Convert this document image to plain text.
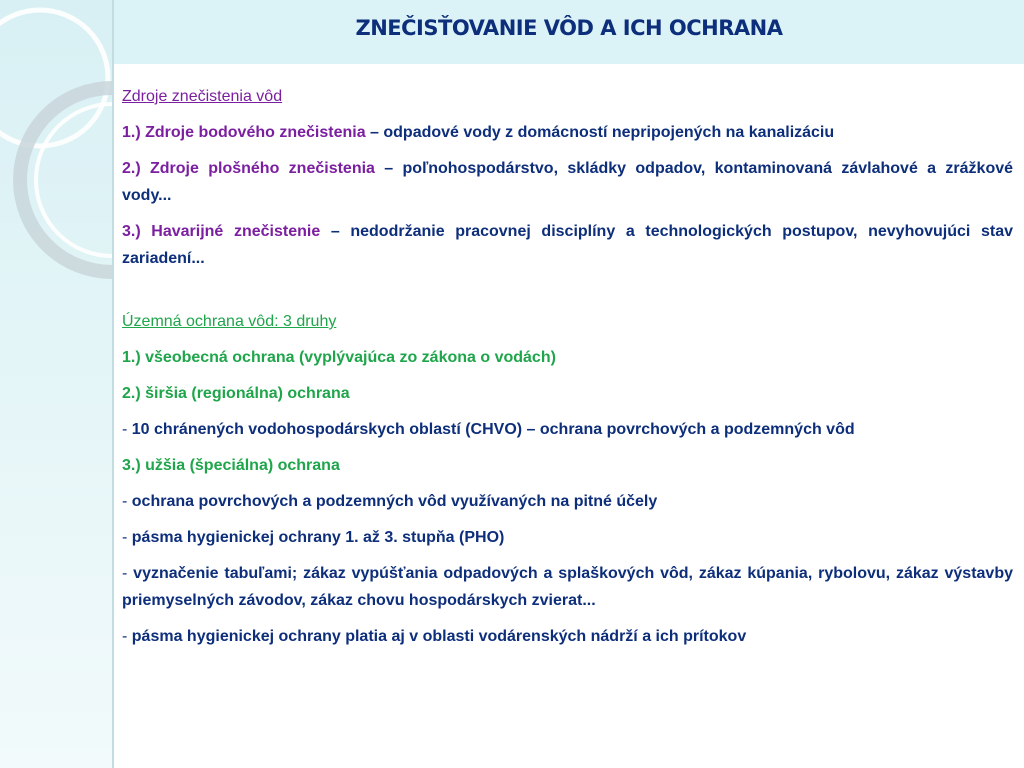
ZNEČISŤOVANIE VÔD A ICH OCHRANA

Zdroje znečistenia vôd

1.) Zdroje bodového znečistenia – odpadové vody z domácností nepripojených na kanalizáciu

2.) Zdroje plošného znečistenia – poľnohospodárstvo, skládky odpadov, kontaminovaná závlahové a zrážkové vody...

3.) Havarijné znečistenie – nedodržanie pracovnej disciplíny a technologických postupov, nevyhovujúci stav zariadení...

Územná ochrana vôd: 3 druhy

1.) všeobecná ochrana (vyplývajúca zo zákona o vodách)

2.) širšia (regionálna) ochrana

- 10 chránených vodohospodárskych oblastí (CHVO) – ochrana povrchových a podzemných vôd

3.) užšia (špeciálna) ochrana

- ochrana povrchových a podzemných vôd využívaných na pitné účely

- pásma hygienickej ochrany 1. až 3. stupňa (PHO)

- vyznačenie tabuľami; zákaz vypúšťania odpadových a splaškových vôd, zákaz kúpania, rybolovu, zákaz výstavby priemyselných závodov, zákaz chovu hospodárskych zvierat...

- pásma hygienickej ochrany platia aj v oblasti vodárenských nádrží a ich prítokov
